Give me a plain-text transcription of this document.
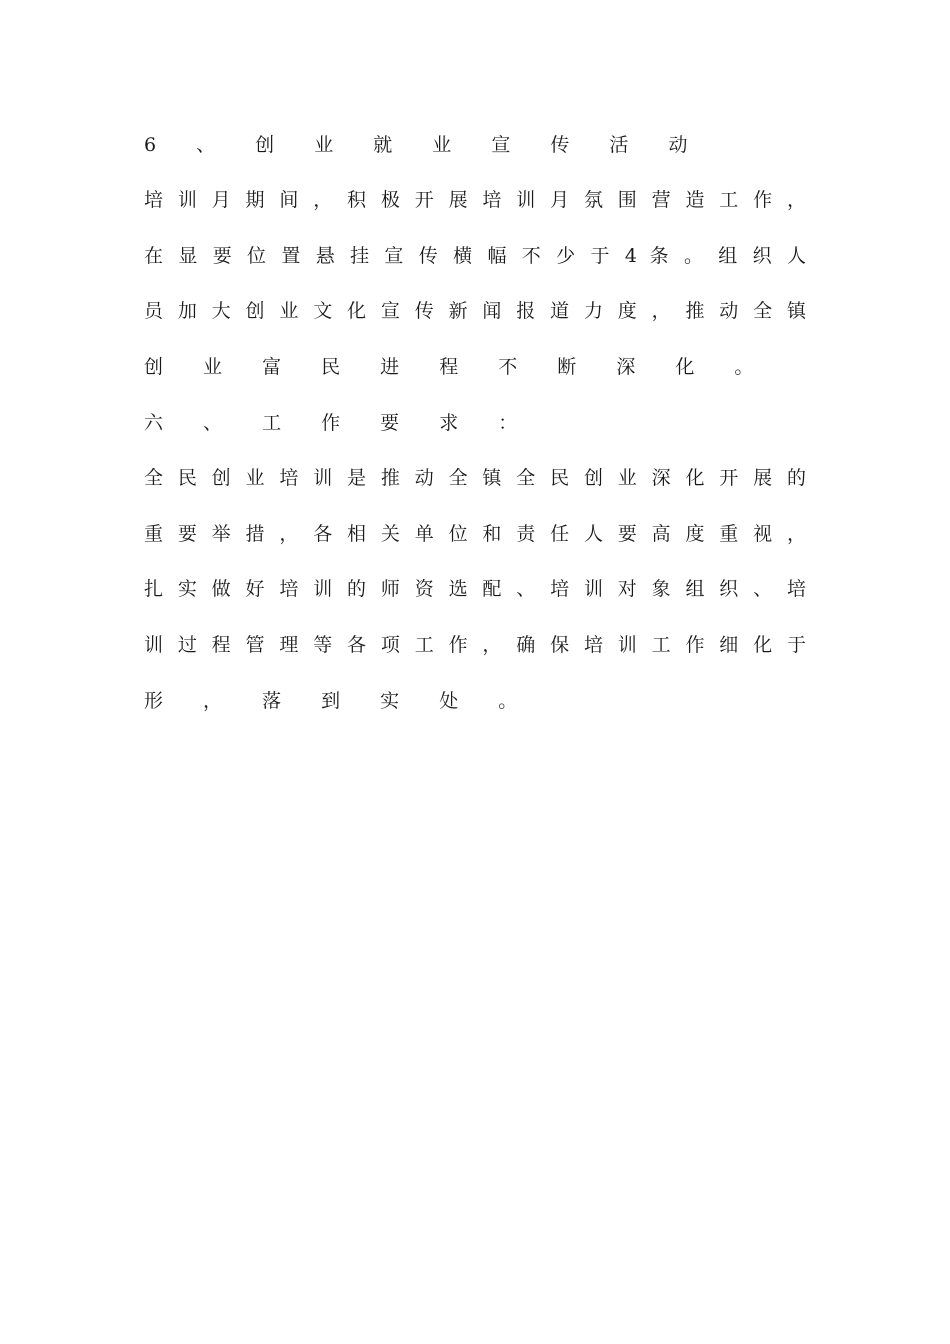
6 、 创 业 就 业 宣 传 活 动
培 训 月 期 间 ， 积 极 开 展 培 训 月 氛 围 营 造 工 作 ，
在 显 要 位 置 悬 挂 宣 传 横 幅 不 少 于 4 条 。 组 织 人
员 加 大 创 业 文 化 宣 传 新 闻 报 道 力 度 ， 推 动 全 镇
创 业 富 民 进 程 不 断 深 化 。
六 、 工 作 要 求 ：
全 民 创 业 培 训 是 推 动 全 镇 全 民 创 业 深 化 开 展 的
重 要 举 措 ， 各 相 关 单 位 和 责 任 人 要 高 度 重 视 ，
扎 实 做 好 培 训 的 师 资 选 配 、 培 训 对 象 组 织 、 培
训 过 程 管 理 等 各 项 工 作 ， 确 保 培 训 工 作 细 化 于
形 ， 落 到 实 处 。
